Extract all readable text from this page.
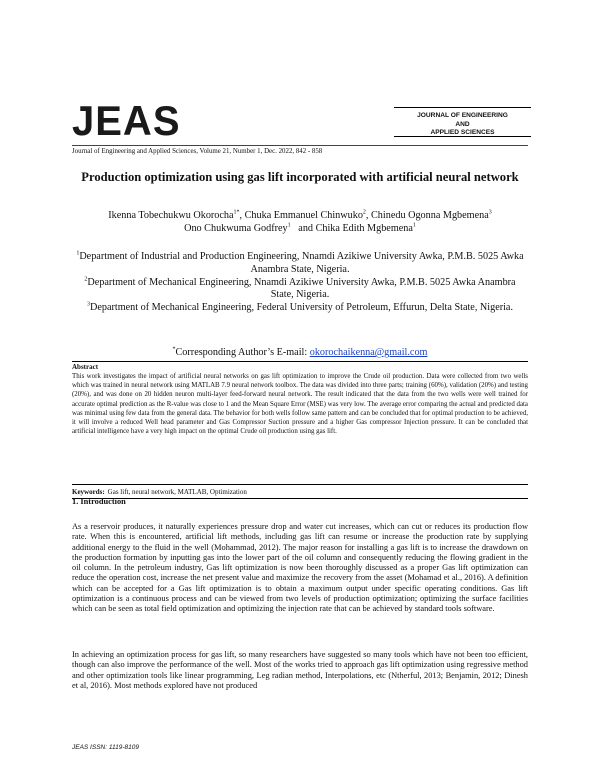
JEAS	JOURNAL OF ENGINEERING
AND
APPLIED SCIENCES
Journal of Engineering and Applied Sciences, Volume 21, Number 1, Dec. 2022, 842 - 858
Production optimization using gas lift incorporated with artificial neural network
Ikenna Tobechukwu Okorocha$^{1*}$, Chuka Emmanuel Chinwuko$^2$, Chinedu Ogonna Mgbemena$^3$
Ono Chukwuma Godfrey$^1$ and Chika Edith Mgbemena$^1$

$^1$Department of Industrial and Production Engineering, Nnamdi Azikiwe University Awka, P.M.B. 5025 Awka Anambra State, Nigeria.

$^2$Department of Mechanical Engineering, Nnamdi Azikiwe University Awka, P.M.B. 5025 Awka Anambra State, Nigeria.

$^3$Department of Mechanical Engineering, Federal University of Petroleum, Effurun, Delta State, Nigeria.

*Corresponding Author’s E-mail: okorochaikenna@gmail.com
Abstract
This work investigates the impact of artificial neural networks on gas lift optimization to improve the Crude oil production. Data were collected from two wells which was trained in neural network using MATLAB 7.9 neural network toolbox. The data was divided into three parts; training (60%), validation (20%) and testing (20%), and was done on 20 hidden neuron multi-layer feed-forward neural network. The result indicated that the data from the two wells were well trained for accurate optimal prediction as the R-value was close to 1 and the Mean Square Error (MSE) was very low. The average error comparing the actual and predicted data was minimal using few data from the general data. The behavior for both wells follow same pattern and can be concluded that for optimal production to be achieved, it will involve a reduced Well head parameter and Gas Compressor Suction pressure and a higher Gas compressor Injection pressure. It can be concluded that artificial intelligence have a very high impact on the optimal Crude oil production using gas lift.
Keywords: Gas lift, neural network, MATLAB, Optimization
1. Introduction
As a reservoir produces, it naturally experiences pressure drop and water cut increases, which can cut or reduces its production flow rate. When this is encountered, artificial lift methods, including gas lift can resume or increase the production rate by supplying additional energy to the fluid in the well (Mohammad, 2012). The major reason for installing a gas lift is to increase the drawdown on the production formation by inputting gas into the lower part of the oil column and consequently reducing the flowing gradient in the oil column. In the petroleum industry, Gas lift optimization is now been thoroughly discussed as a proper Gas lift optimization can reduce the operation cost, increase the net present value and maximize the recovery from the asset (Mohamad et al., 2016). A definition which can be accepted for a Gas lift optimization is to obtain a maximum output under specific operating conditions. Gas lift optimization is a continuous process and can be viewed from two levels of production optimization; optimizing the surface facilities which can be seen as total field optimization and optimizing the injection rate that can be achieved by standard tools software.
In achieving an optimization process for gas lift, so many researchers have suggested so many tools which have not been too efficient, though can also improve the performance of the well. Most of the works tried to approach gas lift optimization using regressive method and other optimization tools like linear programming, Leg radian method, Interpolations, etc (Ntherful, 2013; Benjamin, 2012; Dinesh et al, 2016). Most methods explored have not produced
JEAS ISSN: 1119-8109
